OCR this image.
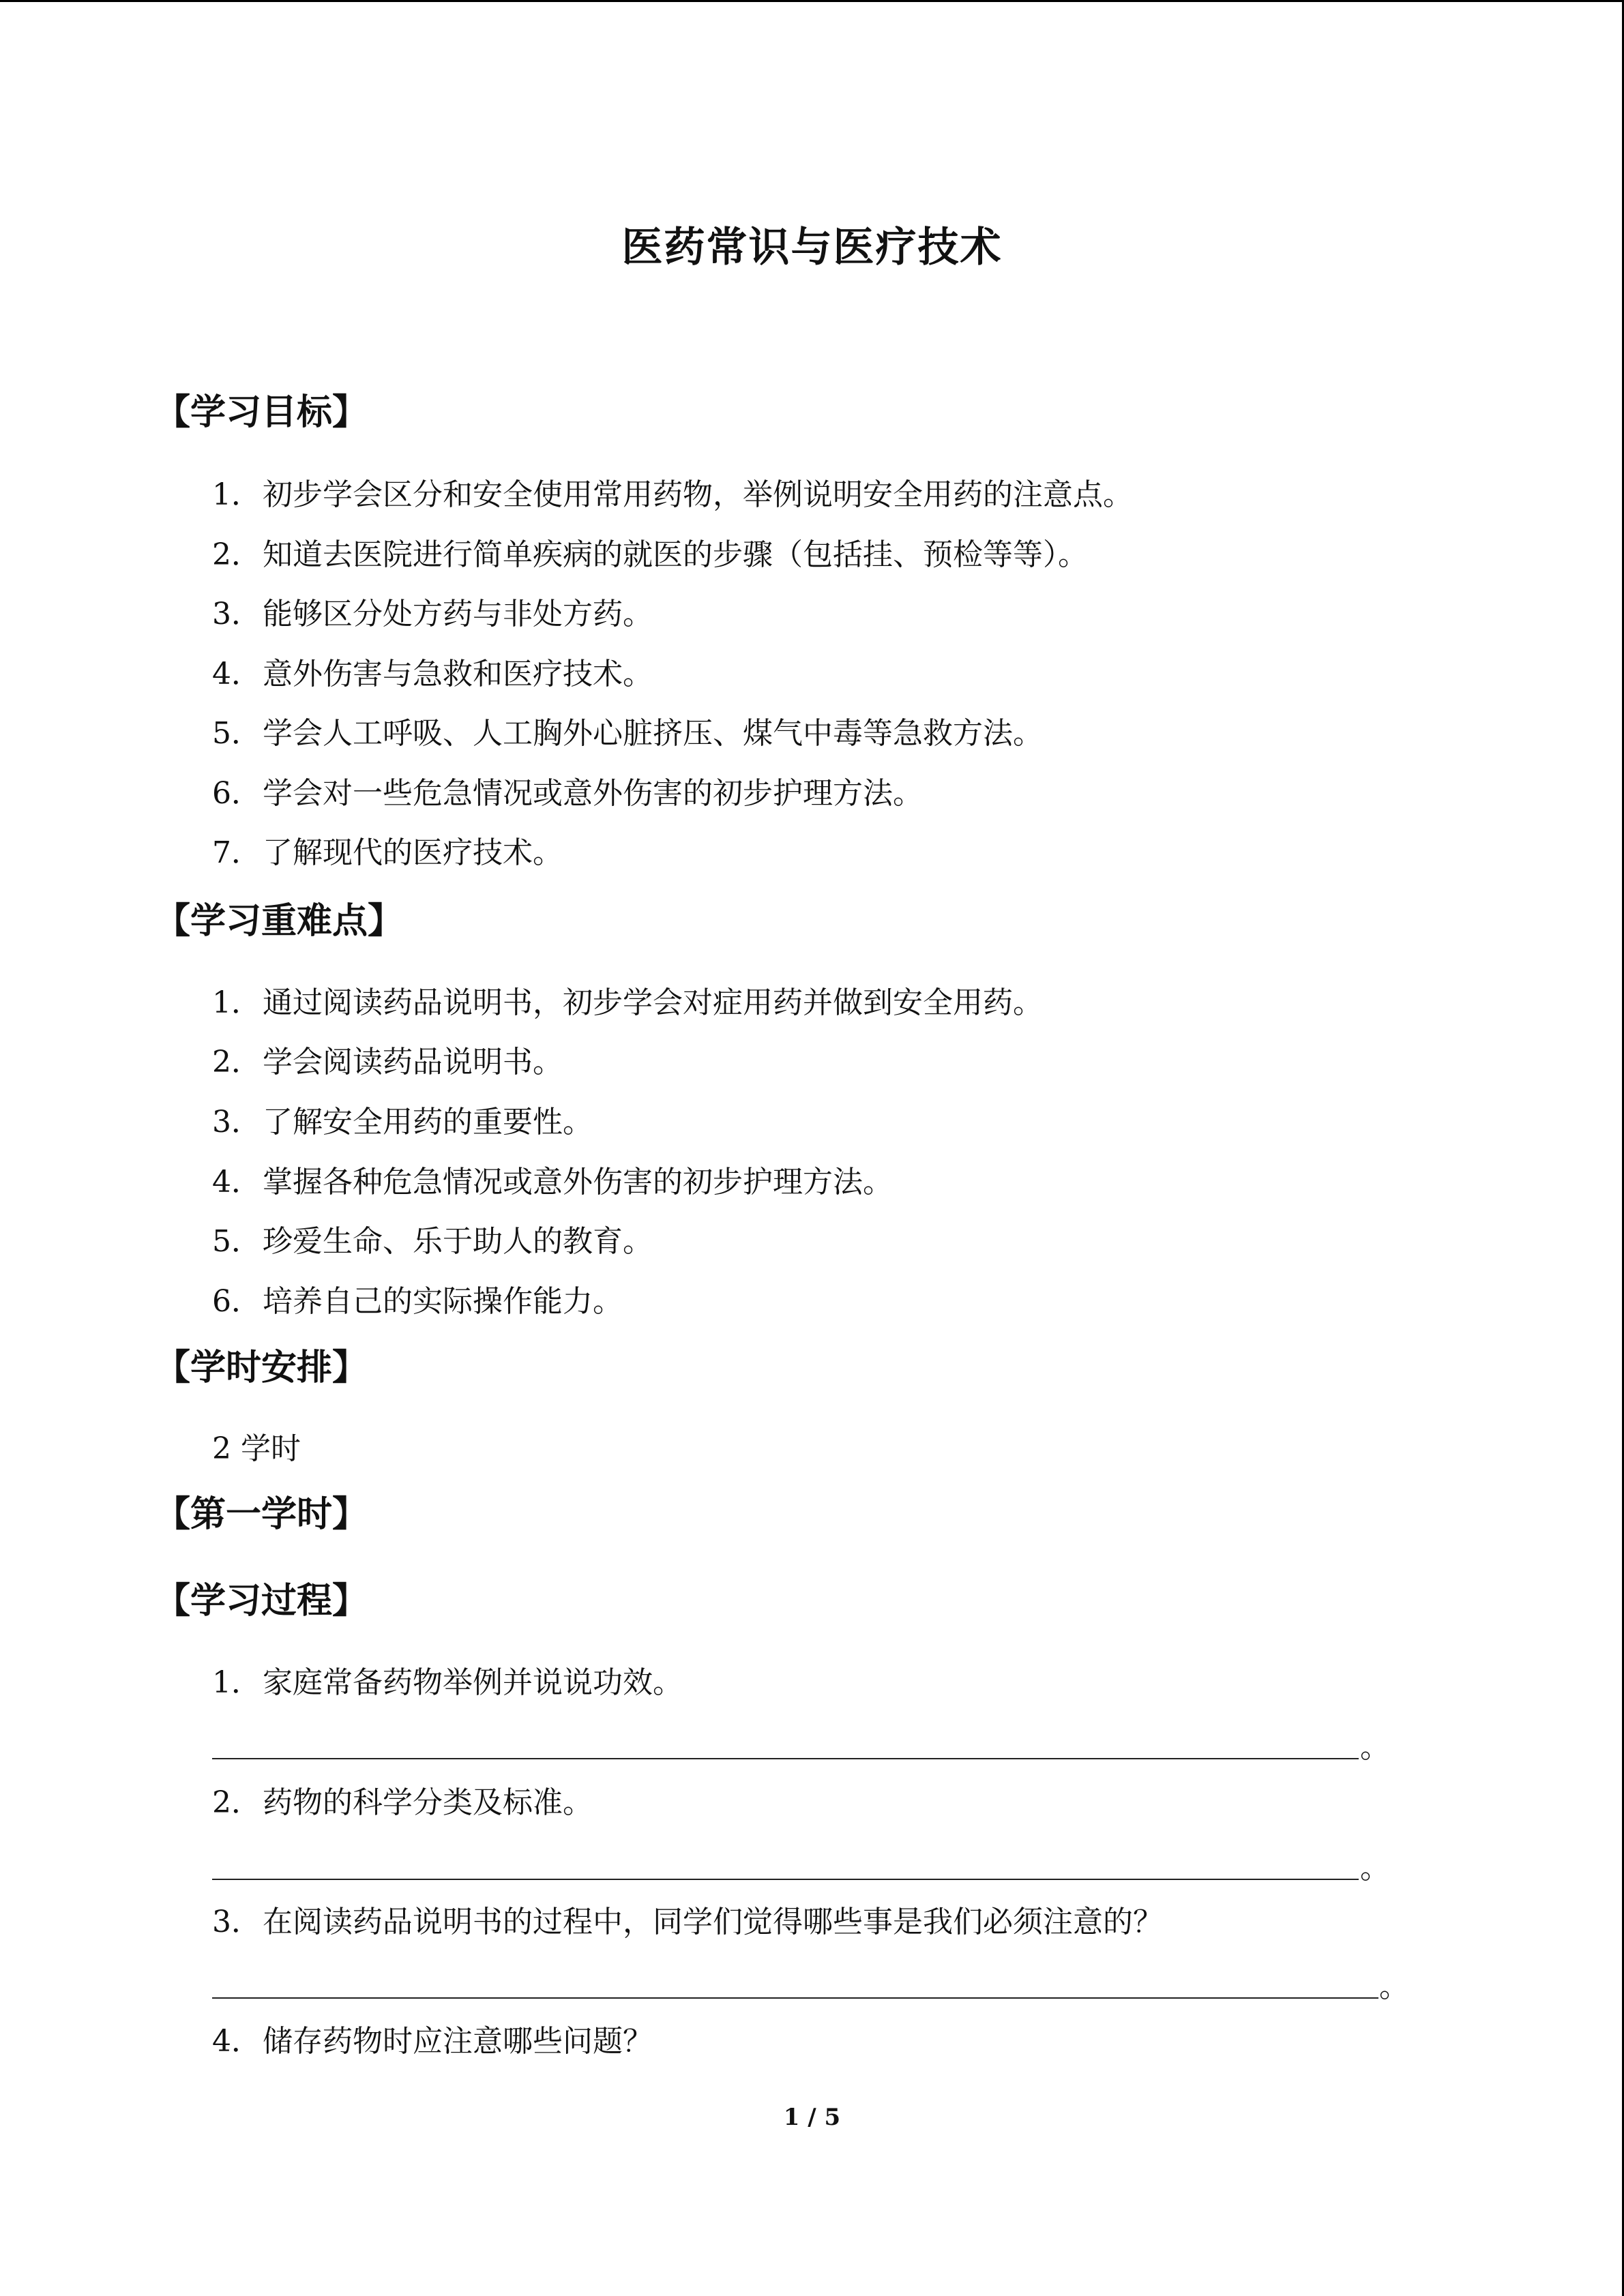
医药常识与医疗技术
【学习目标】
1．初步学会区分和安全使用常用药物，举例说明安全用药的注意点。
2．知道去医院进行简单疾病的就医的步骤（包括挂、预检等等）。
3．能够区分处方药与非处方药。
4．意外伤害与急救和医疗技术。
5．学会人工呼吸、人工胸外心脏挤压、煤气中毒等急救方法。
6．学会对一些危急情况或意外伤害的初步护理方法。
7．了解现代的医疗技术。
【学习重难点】
1．通过阅读药品说明书，初步学会对症用药并做到安全用药。
2．学会阅读药品说明书。
3．了解安全用药的重要性。
4．掌握各种危急情况或意外伤害的初步护理方法。
5．珍爱生命、乐于助人的教育。
6．培养自己的实际操作能力。
【学时安排】
2 学时
【第一学时】
【学习过程】
1．家庭常备药物举例并说说功效。
。
2．药物的科学分类及标准。
。
3．在阅读药品说明书的过程中，同学们觉得哪些事是我们必须注意的？
。
4．储存药物时应注意哪些问题？
1 / 5
